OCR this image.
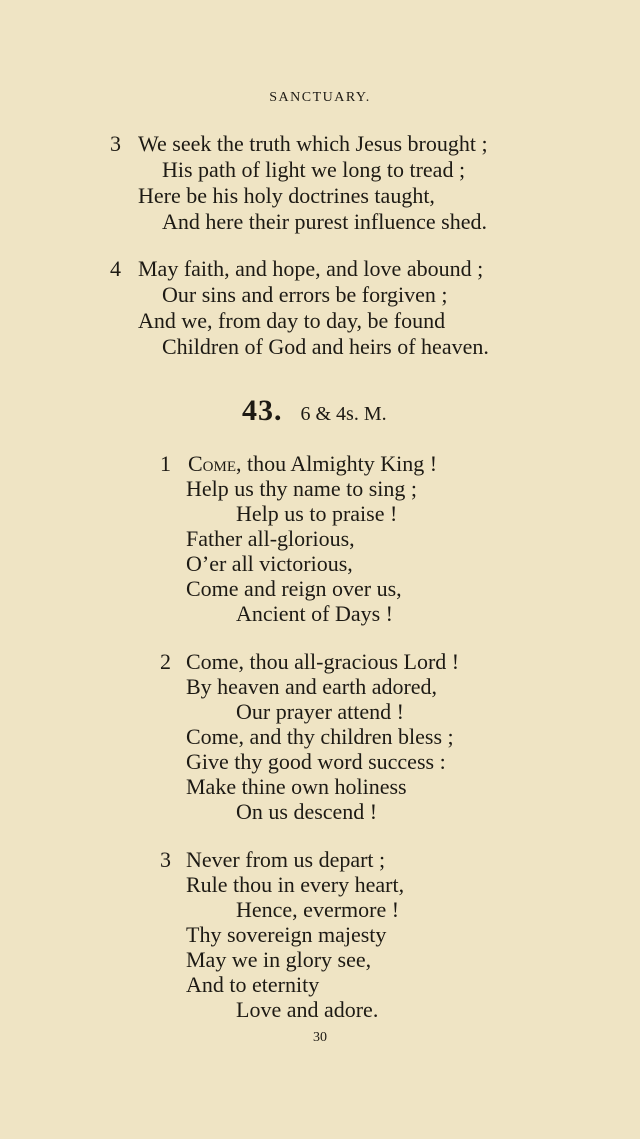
SANCTUARY.
3 We seek the truth which Jesus brought ;
His path of light we long to tread ;
Here be his holy doctrines taught,
And here their purest influence shed.
4 May faith, and hope, and love abound ;
Our sins and errors be forgiven ;
And we, from day to day, be found
Children of God and heirs of heaven.
43. 6 & 4s. M.
1 Come, thou Almighty King !
Help us thy name to sing ;
Help us to praise !
Father all-glorious,
O’er all victorious,
Come and reign over us,
Ancient of Days !
2 Come, thou all-gracious Lord !
By heaven and earth adored,
Our prayer attend !
Come, and thy children bless ;
Give thy good word success :
Make thine own holiness
On us descend !
3 Never from us depart ;
Rule thou in every heart,
Hence, evermore !
Thy sovereign majesty
May we in glory see,
And to eternity
Love and adore.
30
